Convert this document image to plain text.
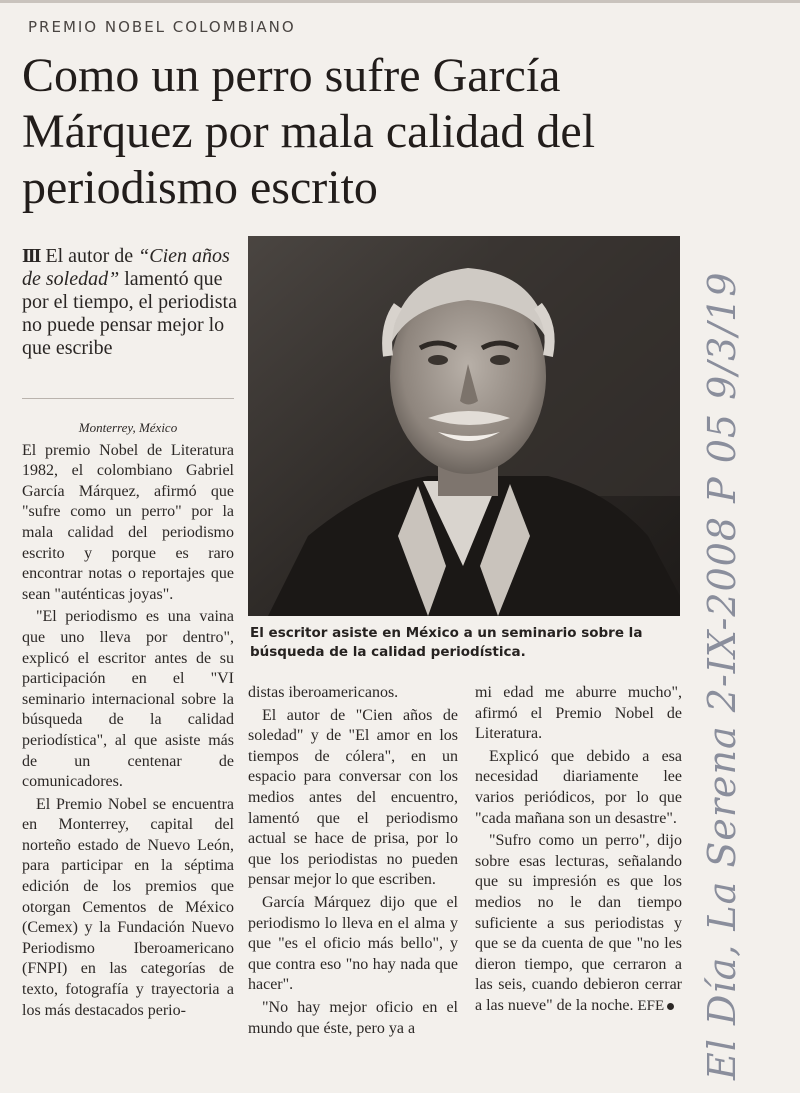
PREMIO NOBEL COLOMBIANO
Como un perro sufre García Márquez por mala calidad del periodismo escrito
III El autor de “Cien años de soledad” lamentó que por el tiempo, el periodista no puede pensar mejor lo que escribe
El escritor asiste en México a un seminario sobre la búsqueda de la calidad periodística.

Monterrey, México

El premio Nobel de Literatura 1982, el colombiano Gabriel García Márquez, afirmó que "sufre como un perro" por la mala calidad del periodismo escrito y porque es raro encontrar notas o reportajes que sean "auténticas joyas".

"El periodismo es una vaina que uno lleva por dentro", explicó el escritor antes de su participación en el "VI seminario internacional sobre la búsqueda de la calidad periodística", al que asiste más de un centenar de comunicadores.

El Premio Nobel se encuentra en Monterrey, capital del norteño estado de Nuevo León, para participar en la séptima edición de los premios que otorgan Cementos de México (Cemex) y la Fundación Nuevo Periodismo Iberoamericano (FNPI) en las categorías de texto, fotografía y trayectoria a los más destacados perio-

distas iberoamericanos.

El autor de "Cien años de soledad" y de "El amor en los tiempos de cólera", en un espacio para conversar con los medios antes del encuentro, lamentó que el periodismo actual se hace de prisa, por lo que los periodistas no pueden pensar mejor lo que escriben.

García Márquez dijo que el periodismo lo lleva en el alma y que "es el oficio más bello", y que contra eso "no hay nada que hacer".

"No hay mejor oficio en el mundo que éste, pero ya a

mi edad me aburre mucho", afirmó el Premio Nobel de Literatura.

Explicó que debido a esa necesidad diariamente lee varios periódicos, por lo que "cada mañana son un desastre".

"Sufro como un perro", dijo sobre esas lecturas, señalando que su impresión es que los medios no le dan tiempo suficiente a sus periodistas y que se da cuenta de que "no les dieron tiempo, que cerraron a las seis, cuando debieron cerrar a las nueve" de la noche. EFE El Día, La Serena 2-IX-2008 P 05 9/3/19
